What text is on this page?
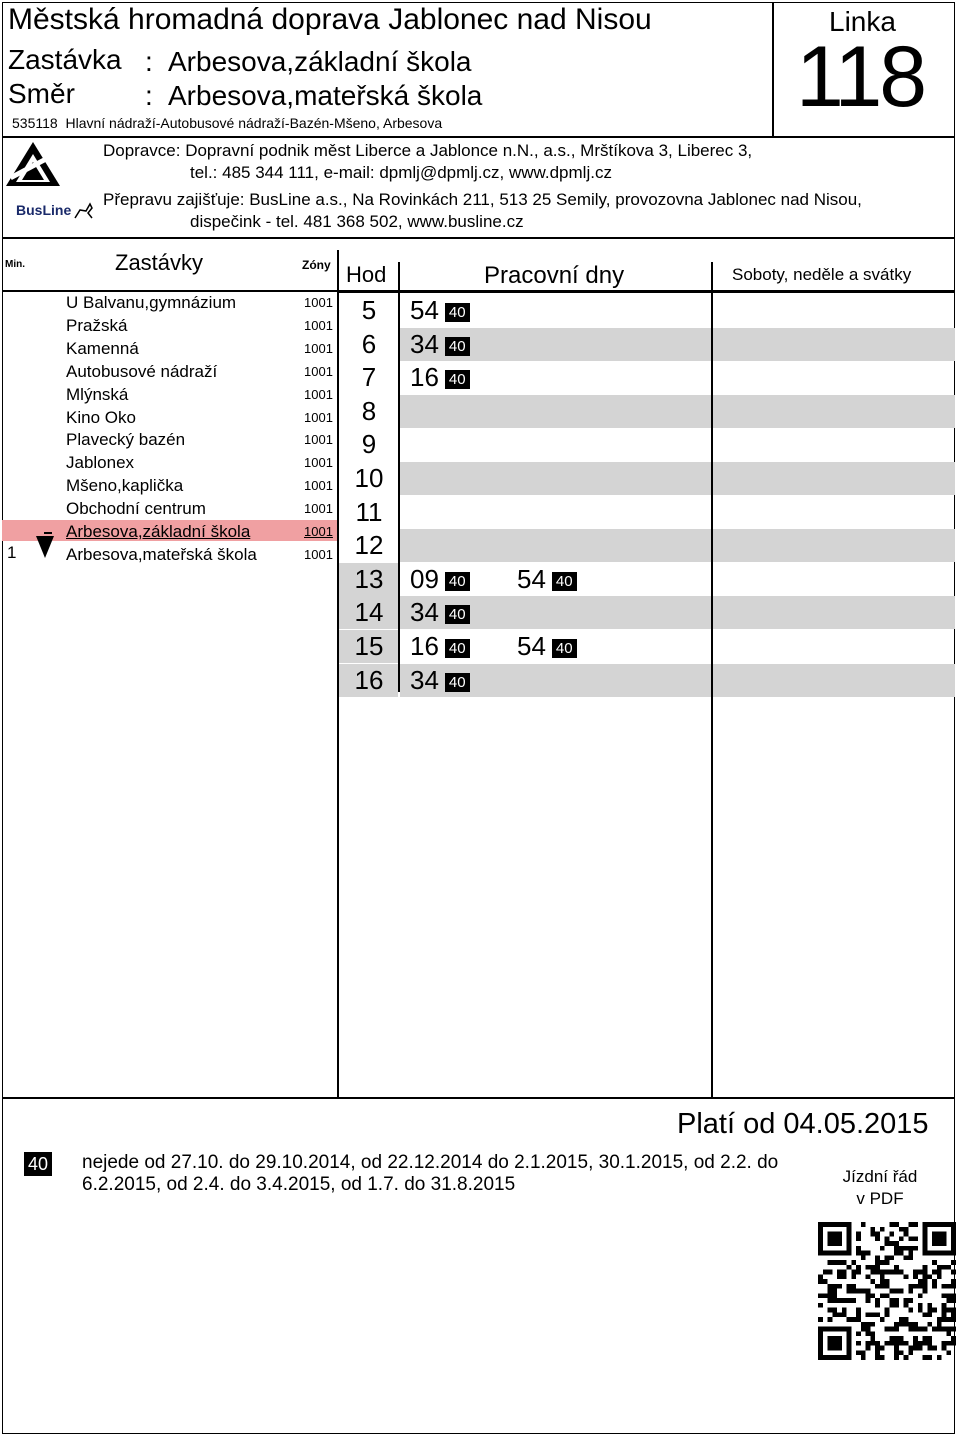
Městská hromadná doprava Jablonec nad Nisou
Zastávka :
Směr	:
Arbesova,základní škola
Arbesova,mateřská škola
535118 Hlavní nádraží-Autobusové nádraží-Bazén-Mšeno, Arbesova
Linka
118
Dopravce: Dopravní podnik měst Liberce a Jablonce n.N., a.s., Mrštíkova 3, Liberec 3,
tel.: 485 344 111, e-mail: dpmlj@dpmlj.cz, www.dpmlj.cz
BusLine
Přepravu zajišťuje: BusLine a.s., Na Rovinkách 211, 513 25 Semily, provozovna Jablonec nad Nisou,
dispečink - tel. 481 368 502, www.busline.cz
Min.	Zastávky	Zóny
U Balvanu,gymnázium	1001
Pražská	1001
Kamenná	1001
Autobusové nádraží	1001
Mlýnská	1001
Kino Oko	1001
Plavecký bazén	1001
Jablonex	1001
Mšeno,kaplička	1001
Obchodní centrum	1001
Arbesova,základní škola	1001
Arbesova,mateřská škola	1001
1
Hod	Pracovní dny	Soboty, neděle a svátky
5	54 40
6	34 40
7	16 40
8
9
10
11
12
13	09 40 54 40
14	34 40
15	16 40 54 40
16	34 40
Platí od 04.05.2015
40 nejede od 27.10. do 29.10.2014, od 22.12.2014 do 2.1.2015, 30.1.2015, od 2.2. do 6.2.2015, od 2.4. do 3.4.2015, od 1.7. do 31.8.2015	Jízdní řád
v PDF
